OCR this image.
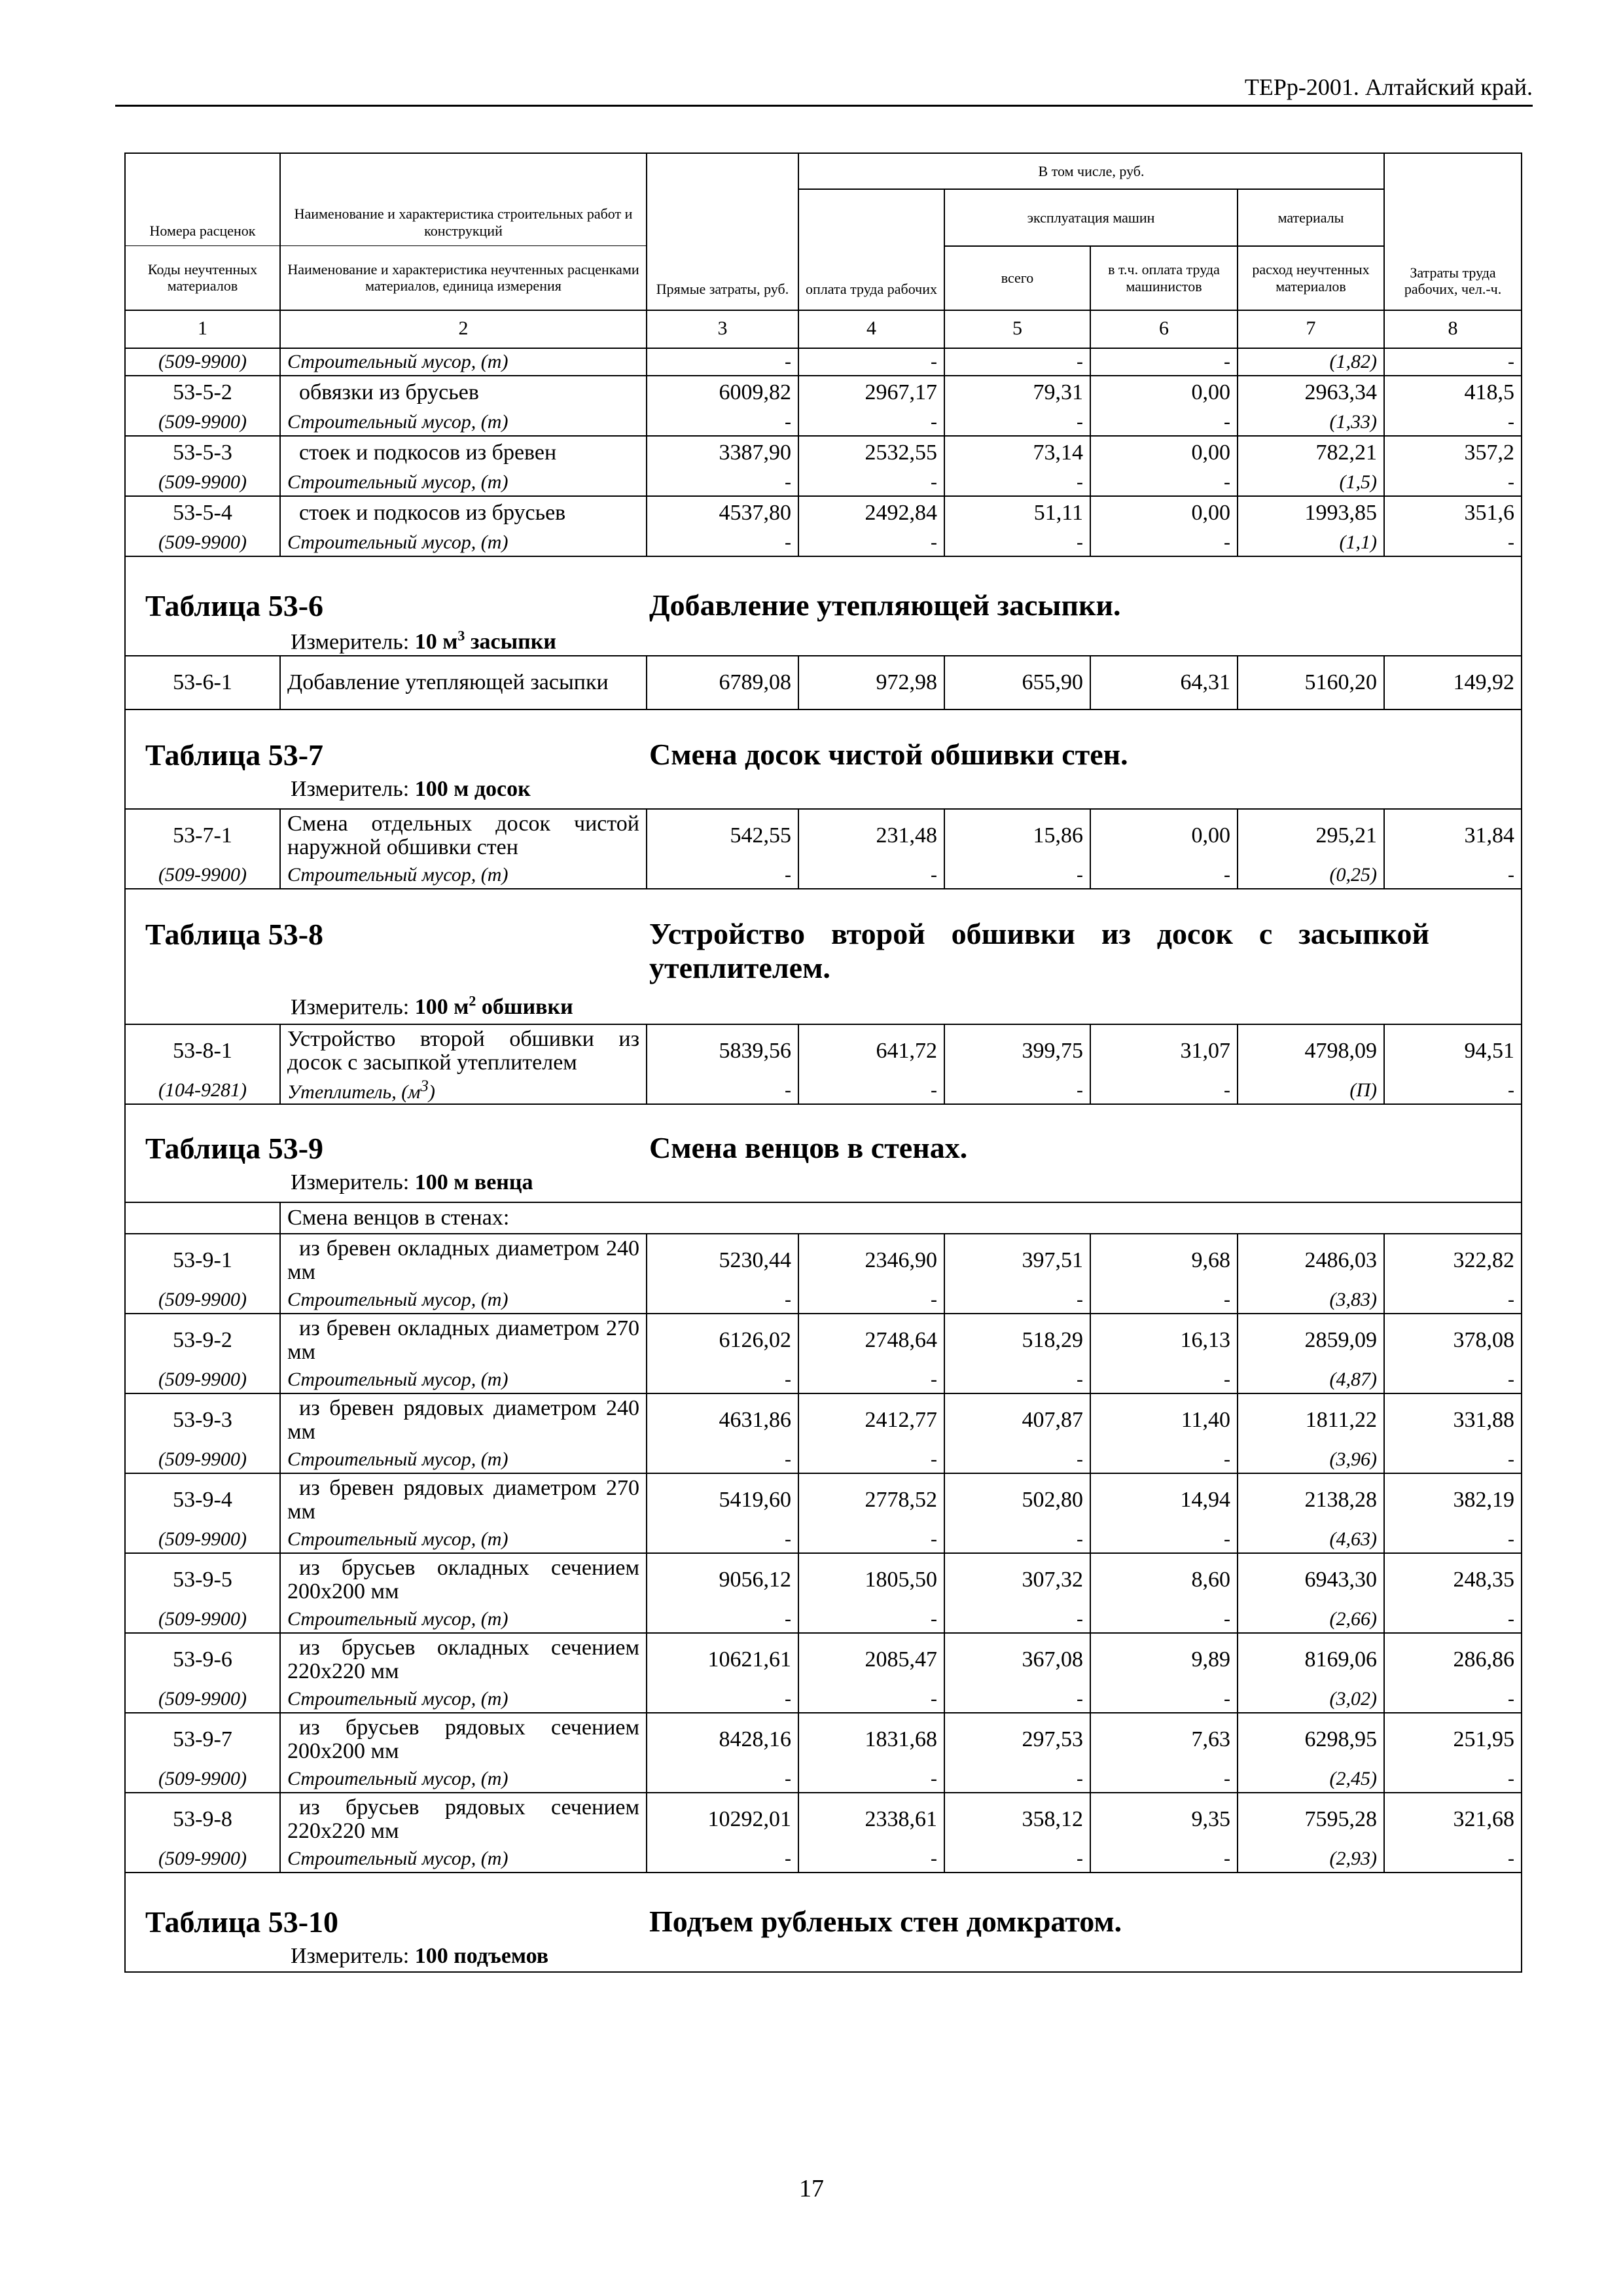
ТЕРр-2001. Алтайский край.
Номера расценок	Наименование и характеристика строительных работ и конструкций	Прямые затраты, руб.	В том числе, руб.				Затраты труда рабочих, чел.-ч.
			оплата труда рабочих	эксплуатация машин		материалы	

Коды неучтенных материалов	Наименование и характеристика неучтенных расценками материалов, единица измерения			всего	в т.ч. оплата труда машинистов	расход неучтенных материалов	
1	2	3	4	5	6	7	8
(509-9900)	Строительный мусор, (т)	-	-	-	-	(1,82)	-
53-5-2	обвязки из брусьев	6009,82	2967,17	79,31	0,00	2963,34	418,5
(509-9900)	Строительный мусор, (т)	-	-	-	-	(1,33)	-
53-5-3	стоек и подкосов из бревен	3387,90	2532,55	73,14	0,00	782,21	357,2
(509-9900)	Строительный мусор, (т)	-	-	-	-	(1,5)	-
53-5-4	стоек и подкосов из брусьев	4537,80	2492,84	51,11	0,00	1993,85	351,6
(509-9900)	Строительный мусор, (т)	-	-	-	-	(1,1)	-

Таблица 53-6 Добавление утепляющей засыпки.
Измеритель: 10 $м^3$ засыпки							

53-6-1	Добавление утепляющей засыпки	6789,08	972,98	655,90	64,31	5160,20	149,92

Таблица 53-7 Смена досок чистой обшивки стен.
Измеритель: 100 м досок							

53-7-1	Смена отдельных досок чистой наружной обшивки стен	542,55	231,48	15,86	0,00	295,21	31,84
(509-9900)	Строительный мусор, (т)	-	-	-	-	(0,25)	-

Таблица 53-8 Устройство второй обшивки из досок с засыпкой утеплителем.
Измеритель: 100 $м^2$ обшивки							

53-8-1	Устройство второй обшивки из досок с засыпкой утеплителем	5839,56	641,72	399,75	31,07	4798,09	94,51
(104-9281)	Утеплитель, $(м^3)$	-	-	-	-	(П)	-

Таблица 53-9 Смена венцов в стенах.
Измеритель: 100 м венца							

	Смена венцов в стенах:						
53-9-1	из бревен окладных диаметром 240 мм	5230,44	2346,90	397,51	9,68	2486,03	322,82
(509-9900)	Строительный мусор, (т)	-	-	-	-	(3,83)	-
53-9-2	из бревен окладных диаметром 270 мм	6126,02	2748,64	518,29	16,13	2859,09	378,08
(509-9900)	Строительный мусор, (т)	-	-	-	-	(4,87)	-
53-9-3	из бревен рядовых диаметром 240 мм	4631,86	2412,77	407,87	11,40	1811,22	331,88
(509-9900)	Строительный мусор, (т)	-	-	-	-	(3,96)	-
53-9-4	из бревен рядовых диаметром 270 мм	5419,60	2778,52	502,80	14,94	2138,28	382,19
(509-9900)	Строительный мусор, (т)	-	-	-	-	(4,63)	-
53-9-5	из брусьев окладных сечением 200х200 мм	9056,12	1805,50	307,32	8,60	6943,30	248,35
(509-9900)	Строительный мусор, (т)	-	-	-	-	(2,66)	-
53-9-6	из брусьев окладных сечением 220х220 мм	10621,61	2085,47	367,08	9,89	8169,06	286,86
(509-9900)	Строительный мусор, (т)	-	-	-	-	(3,02)	-
53-9-7	из брусьев рядовых сечением 200х200 мм	8428,16	1831,68	297,53	7,63	6298,95	251,95
(509-9900)	Строительный мусор, (т)	-	-	-	-	(2,45)	-
53-9-8	из брусьев рядовых сечением 220х220 мм	10292,01	2338,61	358,12	9,35	7595,28	321,68
(509-9900)	Строительный мусор, (т)	-	-	-	-	(2,93)	-

Таблица 53-10 Подъем рубленых стен домкратом.
Измеритель: 100 подъемов							
17
